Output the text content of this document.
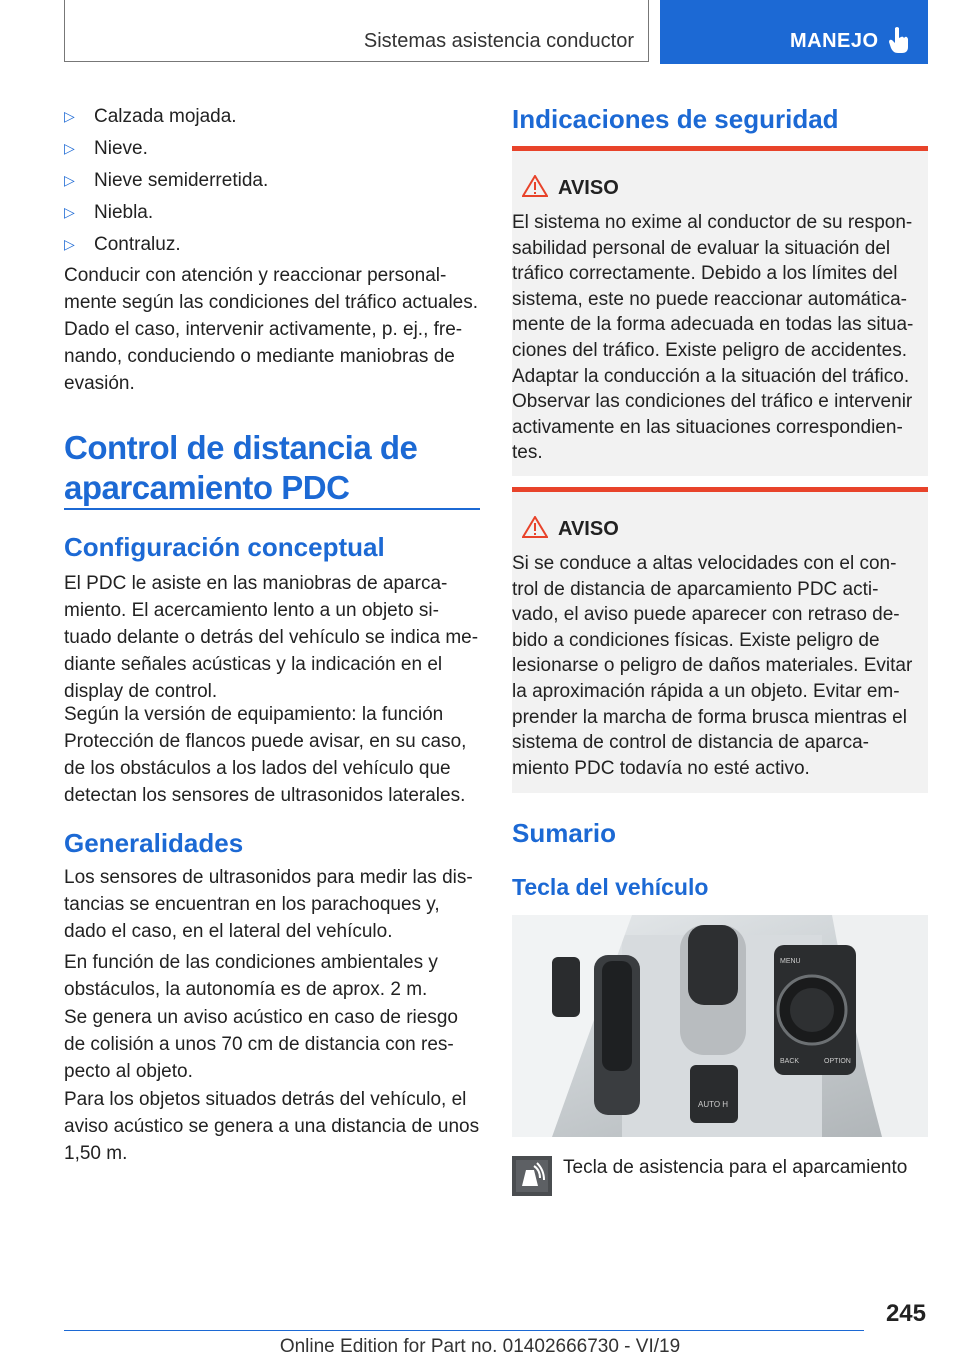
Sistemas asistencia conductor	MANEJO
▷ Calzada mojada.
▷ Nieve.
▷ Nieve semiderretida.
▷ Niebla.
▷ Contraluz.

Conducir con atención y reaccionar personal-

mente según las condiciones del tráfico actuales.

Dado el caso, intervenir activamente, p. ej., fre-

nando, conduciendo o mediante maniobras de

evasión.

Control de distancia de
aparcamiento PDC
Configuración conceptual

El PDC le asiste en las maniobras de aparca-

miento. El acercamiento lento a un objeto si-

tuado delante o detrás del vehículo se indica me-

diante señales acústicas y la indicación en el

display de control.

Según la versión de equipamiento: la función

Protección de flancos puede avisar, en su caso,

de los obstáculos a los lados del vehículo que

detectan los sensores de ultrasonidos laterales.

Generalidades

Los sensores de ultrasonidos para medir las dis-

tancias se encuentran en los parachoques y,

dado el caso, en el lateral del vehículo.

En función de las condiciones ambientales y

obstáculos, la autonomía es de aprox. 2 m.

Se genera un aviso acústico en caso de riesgo

de colisión a unos 70 cm de distancia con res-

pecto al objeto.

Para los objetos situados detrás del vehículo, el

aviso acústico se genera a una distancia de unos

1,50 m.

Indicaciones de seguridad
AVISO

El sistema no exime al conductor de su respon-

sabilidad personal de evaluar la situación del

tráfico correctamente. Debido a los límites del

sistema, este no puede reaccionar automática-

mente de la forma adecuada en todas las situa-

ciones del tráfico. Existe peligro de accidentes.

Adaptar la conducción a la situación del tráfico.

Observar las condiciones del tráfico e intervenir

activamente en las situaciones correspondien-

tes.

AVISO

Si se conduce a altas velocidades con el con-

trol de distancia de aparcamiento PDC acti-

vado, el aviso puede aparecer con retraso de-

bido a condiciones físicas. Existe peligro de

lesionarse o peligro de daños materiales. Evitar

la aproximación rápida a un objeto. Evitar em-

prender la marcha de forma brusca mientras el

sistema de control de distancia de aparca-

miento PDC todavía no esté activo.

Sumario
Tecla del vehículo
AUTO H
MENU
BACK	OPTION
Tecla de asistencia para el aparcamiento
245
Online Edition for Part no. 01402666730 - VI/19
